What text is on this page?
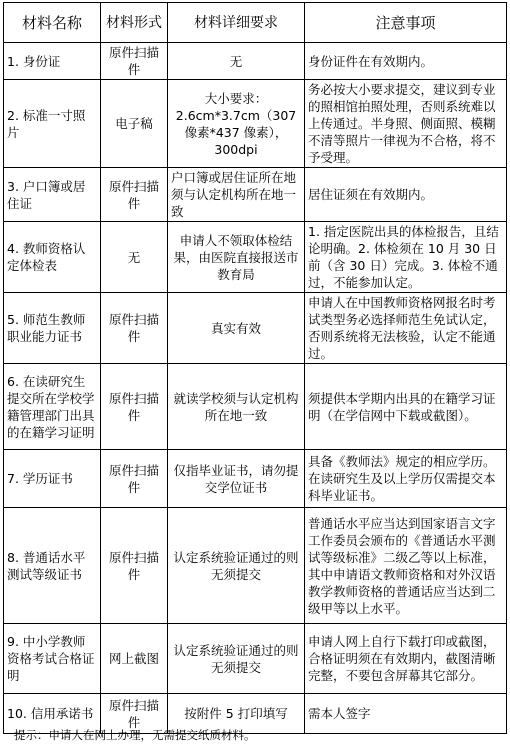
材料名称	材料形式	材料详细要求	注意事项
1. 身份证	原件扫描件	无	身份证件在有效期内。
2. 标准一寸照片	电子稿	大小要求：2.6cm*3.7cm（307 像素*437 像素），300dpi	务必按大小要求提交，建议到专业的照相馆拍照处理，否则系统难以上传通过。半身照、侧面照、模糊不清等照片一律视为不合格，将不予受理。
3. 户口簿或居住证	原件扫描件	户口簿或居住证所在地须与认定机构所在地一致	居住证须在有效期内。
4. 教师资格认定体检表	无	申请人不领取体检结果，由医院直接报送市教育局	1. 指定医院出具的体检报告，且结论明确。2. 体检须在 10 月 30 日前（含 30 日）完成。3. 体检不通过，不能参加认定。
5. 师范生教师职业能力证书	原件扫描件	真实有效	申请人在中国教师资格网报名时考试类型务必选择师范生免试认定，否则系统将无法核验，认定不能通过。
6. 在读研究生提交所在学校学籍管理部门出具的在籍学习证明	原件扫描件	就读学校须与认定机构所在地一致	须提供本学期内出具的在籍学习证明（在学信网中下载或截图）。
7. 学历证书	原件扫描件	仅指毕业证书，请勿提交学位证书	具备《教师法》规定的相应学历。在读研究生及以上学历仅需提交本科毕业证书。
8. 普通话水平测试等级证书	原件扫描件	认定系统验证通过的则无须提交	普通话水平应当达到国家语言文字工作委员会颁布的《普通话水平测试等级标准》二级乙等以上标准，其中申请语文教师资格和对外汉语教学教师资格的普通话应当达到二级甲等以上水平。
9. 中小学教师资格考试合格证明	网上截图	认定系统验证通过的则无须提交	申请人网上自行下载打印或截图，合格证明须在有效期内，截图清晰完整，不要包含屏幕其它部分。
10. 信用承诺书	原件扫描件	按附件 5 打印填写	需本人签字
提示：申请人在网上办理，无需提交纸质材料。
